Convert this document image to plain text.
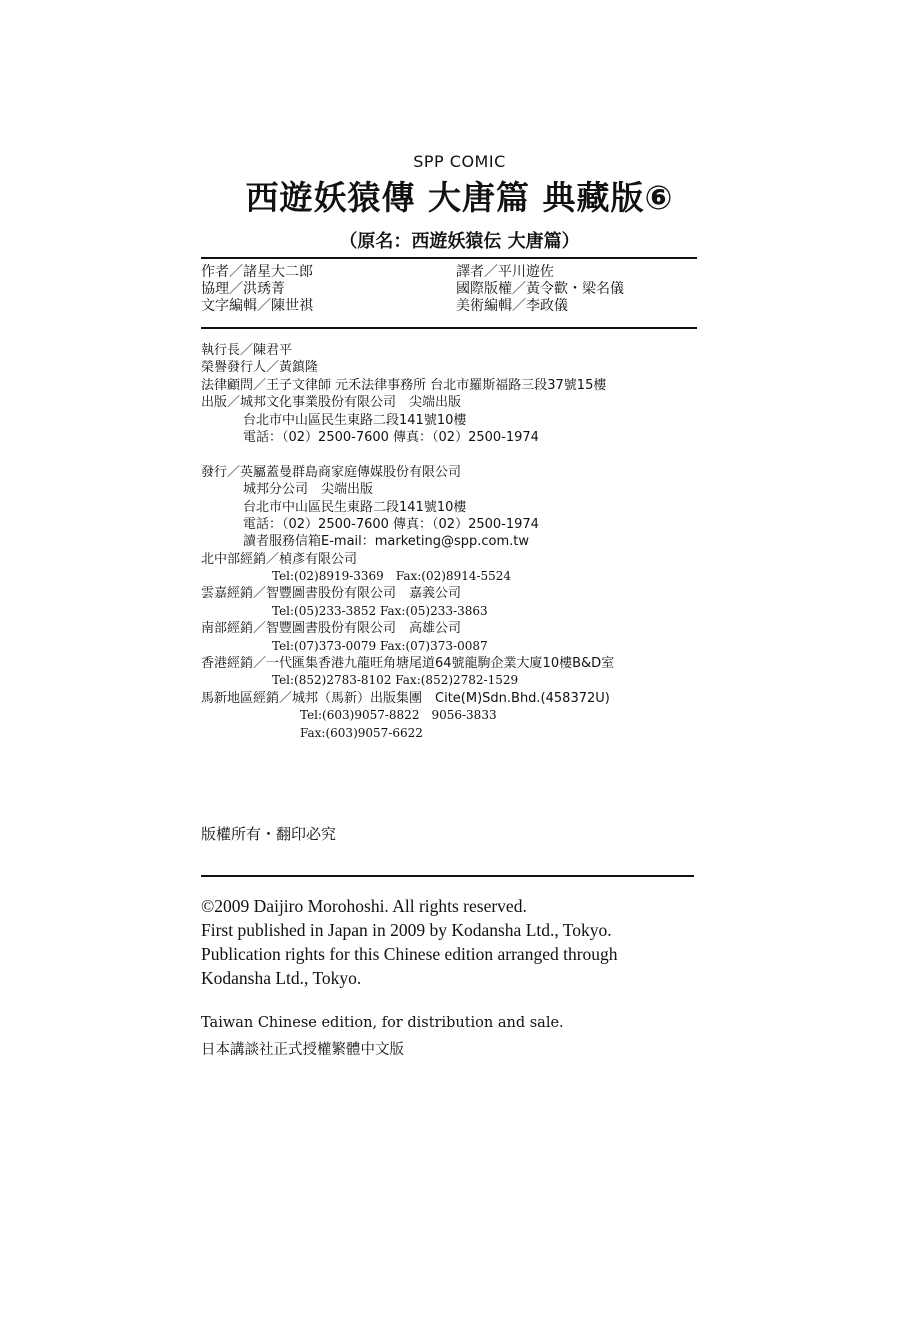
SPP COMIC
西遊妖猿傳 大唐篇 典藏版⑥
（原名：西遊妖猿伝 大唐篇）
作者／諸星大二郎
協理／洪琇菁
文字編輯／陳世祺
譯者／平川遊佐
國際版權／黃令歡・梁名儀
美術編輯／李政儀
執行長／陳君平
榮譽發行人／黃鎮隆
法律顧問／王子文律師 元禾法律事務所 台北市羅斯福路三段37號15樓
出版／城邦文化事業股份有限公司　尖端出版
台北市中山區民生東路二段141號10樓
電話：（02）2500-7600 傳真：（02）2500-1974
發行／英屬蓋曼群島商家庭傳媒股份有限公司
城邦分公司　尖端出版
台北市中山區民生東路二段141號10樓
電話：（02）2500-7600 傳真：（02）2500-1974
讀者服務信箱E-mail：marketing@spp.com.tw
北中部經銷／楨彥有限公司
Tel:(02)8919-3369　Fax:(02)8914-5524
雲嘉經銷／智豐圖書股份有限公司　嘉義公司
Tel:(05)233-3852 Fax:(05)233-3863
南部經銷／智豐圖書股份有限公司　高雄公司
Tel:(07)373-0079 Fax:(07)373-0087
香港經銷／一代匯集香港九龍旺角塘尾道64號龍駒企業大廈10樓B&D室
Tel:(852)2783-8102 Fax:(852)2782-1529
馬新地區經銷／城邦（馬新）出版集團　Cite(M)Sdn.Bhd.(458372U)
Tel:(603)9057-8822　9056-3833
Fax:(603)9057-6622
版權所有・翻印必究
©2009 Daijiro Morohoshi. All rights reserved.
First published in Japan in 2009 by Kodansha Ltd., Tokyo.
Publication rights for this Chinese edition arranged through
Kodansha Ltd., Tokyo.
Taiwan Chinese edition, for distribution and sale.
日本講談社正式授權繁體中文版
